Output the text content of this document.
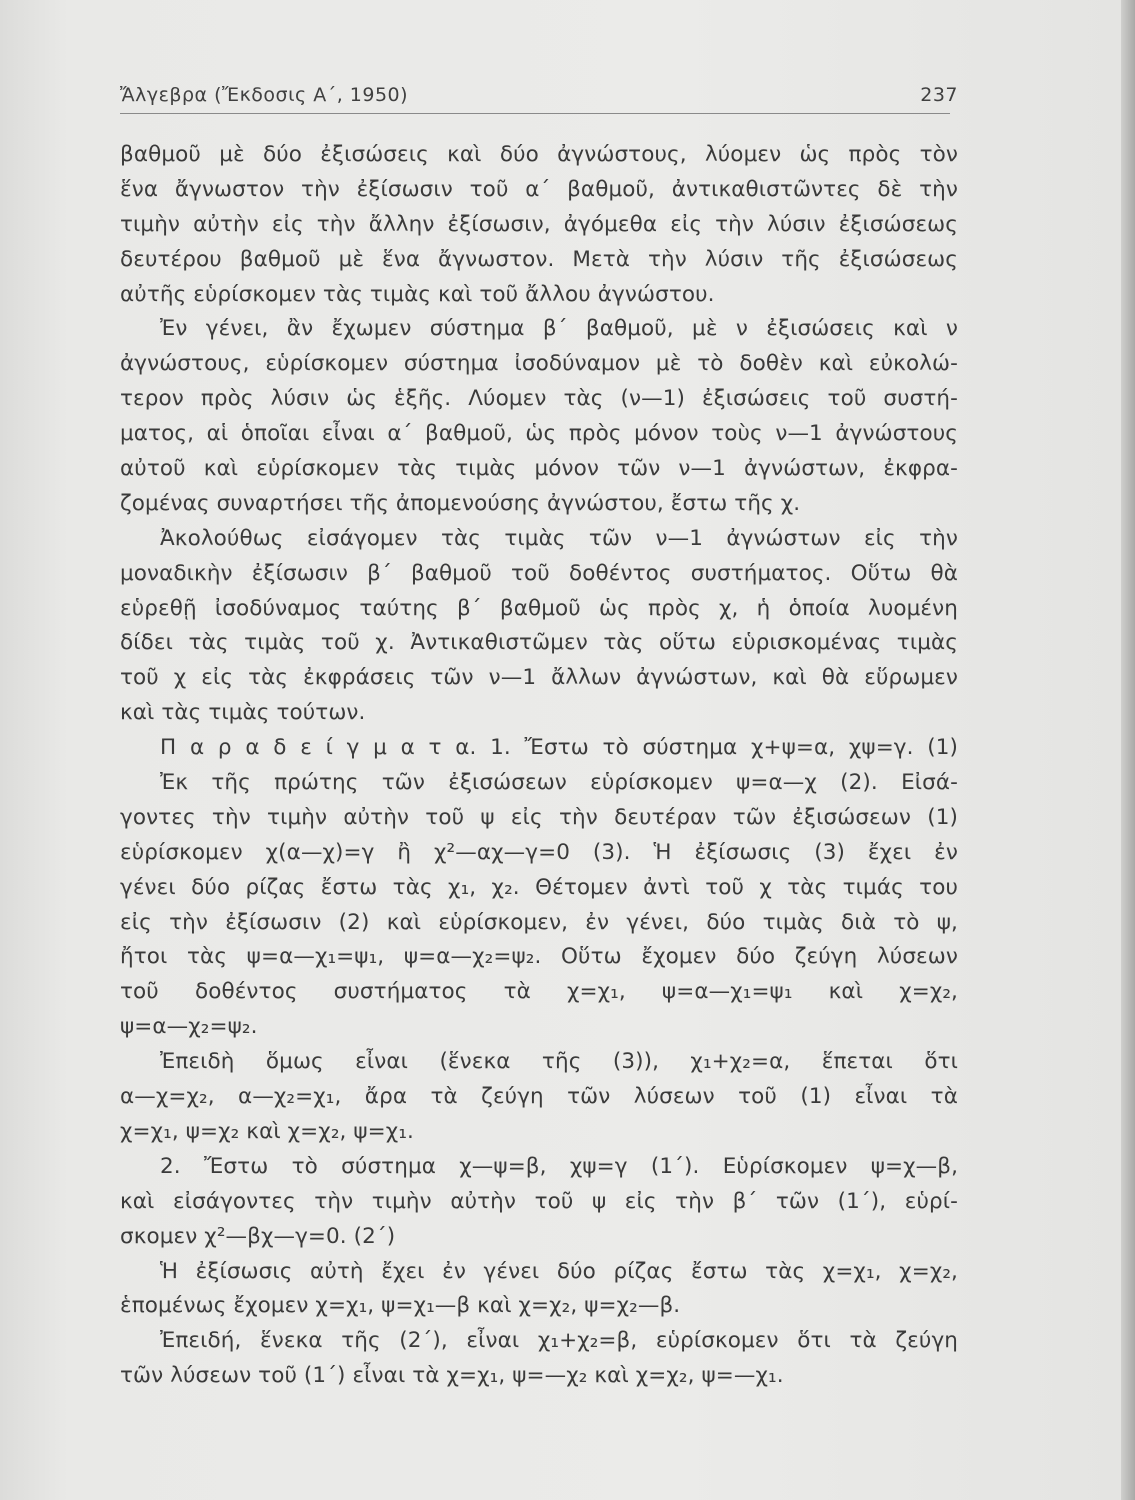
Ἄλγεβρα (Ἔκδοσις Α΄, 1950)	237
βαθμοῦ μὲ δύο ἐξισώσεις καὶ δύο ἀγνώστους, λύομεν ὡς πρὸς τὸν
ἕνα ἄγνωστον τὴν ἐξίσωσιν τοῦ α΄ βαθμοῦ, ἀντικαθιστῶντες δὲ τὴν
τιμὴν αὐτὴν εἰς τὴν ἄλλην ἐξίσωσιν, ἀγόμεθα εἰς τὴν λύσιν ἐξισώσεως
δευτέρου βαθμοῦ μὲ ἕνα ἄγνωστον. Μετὰ τὴν λύσιν τῆς ἐξισώσεως
αὐτῆς εὑρίσκομεν τὰς τιμὰς καὶ τοῦ ἄλλου ἀγνώστου.
Ἐν γένει, ἂν ἔχωμεν σύστημα β΄ βαθμοῦ, μὲ ν ἐξισώσεις καὶ ν
ἀγνώστους, εὑρίσκομεν σύστημα ἰσοδύναμον μὲ τὸ δοθὲν καὶ εὐκολώ-
τερον πρὸς λύσιν ὡς ἑξῆς. Λύομεν τὰς (ν—1) ἐξισώσεις τοῦ συστή-
ματος, αἱ ὁποῖαι εἶναι α΄ βαθμοῦ, ὡς πρὸς μόνον τοὺς ν—1 ἀγνώστους
αὐτοῦ καὶ εὑρίσκομεν τὰς τιμὰς μόνον τῶν ν—1 ἀγνώστων, ἐκφρα-
ζομένας συναρτήσει τῆς ἀπομενούσης ἀγνώστου, ἔστω τῆς χ.
Ἀκολούθως εἰσάγομεν τὰς τιμὰς τῶν ν—1 ἀγνώστων εἰς τὴν
μοναδικὴν ἐξίσωσιν β΄ βαθμοῦ τοῦ δοθέντος συστήματος. Οὕτω θὰ
εὑρεθῇ ἰσοδύναμος ταύτης β΄ βαθμοῦ ὡς πρὸς χ, ἡ ὁποία λυομένη
δίδει τὰς τιμὰς τοῦ χ. Ἀντικαθιστῶμεν τὰς οὕτω εὑρισκομένας τιμὰς
τοῦ χ εἰς τὰς ἐκφράσεις τῶν ν—1 ἄλλων ἀγνώστων, καὶ θὰ εὕρωμεν
καὶ τὰς τιμὰς τούτων.
Π α ρ α δ ε ί γ μ α τ α. 1. Ἔστω τὸ σύστημα χ+ψ=α, χψ=γ. (1)
Ἐκ τῆς πρώτης τῶν ἐξισώσεων εὑρίσκομεν ψ=α—χ (2). Εἰσά-
γοντες τὴν τιμὴν αὐτὴν τοῦ ψ εἰς τὴν δευτέραν τῶν ἐξισώσεων (1)
εὑρίσκομεν χ(α—χ)=γ ἢ χ²—αχ—γ=0 (3). Ἡ ἐξίσωσις (3) ἔχει ἐν
γένει δύο ρίζας ἔστω τὰς χ₁, χ₂. Θέτομεν ἀντὶ τοῦ χ τὰς τιμάς του
εἰς τὴν ἐξίσωσιν (2) καὶ εὑρίσκομεν, ἐν γένει, δύο τιμὰς διὰ τὸ ψ,
ἤτοι τὰς ψ=α—χ₁=ψ₁, ψ=α—χ₂=ψ₂. Οὕτω ἔχομεν δύο ζεύγη λύσεων
τοῦ δοθέντος συστήματος τὰ χ=χ₁, ψ=α—χ₁=ψ₁ καὶ χ=χ₂,
ψ=α—χ₂=ψ₂.
Ἐπειδὴ ὅμως εἶναι (ἕνεκα τῆς (3)), χ₁+χ₂=α, ἕπεται ὅτι
α—χ=χ₂, α—χ₂=χ₁, ἄρα τὰ ζεύγη τῶν λύσεων τοῦ (1) εἶναι τὰ
χ=χ₁, ψ=χ₂ καὶ χ=χ₂, ψ=χ₁.
2. Ἔστω τὸ σύστημα χ—ψ=β, χψ=γ (1΄). Εὑρίσκομεν ψ=χ—β,
καὶ εἰσάγοντες τὴν τιμὴν αὐτὴν τοῦ ψ εἰς τὴν β΄ τῶν (1΄), εὑρί-
σκομεν χ²—βχ—γ=0. (2΄)
Ἡ ἐξίσωσις αὐτὴ ἔχει ἐν γένει δύο ρίζας ἔστω τὰς χ=χ₁, χ=χ₂,
ἑπομένως ἔχομεν χ=χ₁, ψ=χ₁—β καὶ χ=χ₂, ψ=χ₂—β.
Ἐπειδή, ἕνεκα τῆς (2΄), εἶναι χ₁+χ₂=β, εὑρίσκομεν ὅτι τὰ ζεύγη
τῶν λύσεων τοῦ (1΄) εἶναι τὰ χ=χ₁, ψ=—χ₂ καὶ χ=χ₂, ψ=—χ₁.
